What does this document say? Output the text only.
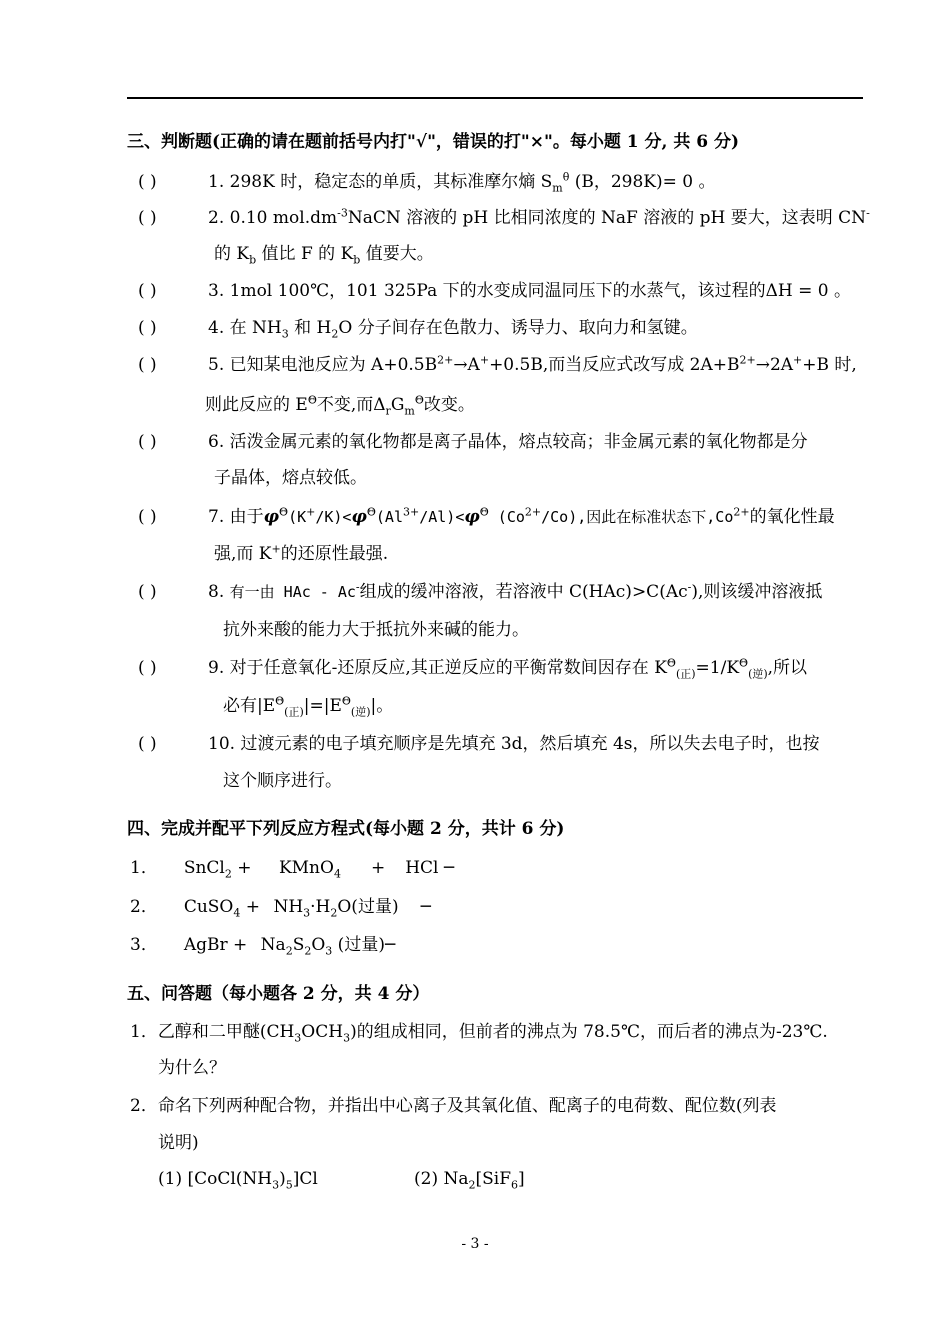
三、判断题(正确的请在题前括号内打"√"，错误的打"×"。每小题 1 分, 共 6 分)
( )	1. 298K 时，稳定态的单质，其标准摩尔熵 $S_m^\theta$ (B，298K)= 0 。
( )	2. 0.10 $mol.dm^{-3}NaCN$ 溶液的 pH 比相同浓度的 NaF 溶液的 pH 要大，这表明 CN-
的 $K_b$ 值比 F 的 $K_b$ 值要大。
( )	3. 1mol 100℃，101 325Pa 下的水变成同温同压下的水蒸气，该过程的ΔH = 0 。
( )	4. 在 $NH_3$ 和 $H_2O$ 分子间存在色散力、诱导力、取向力和氢键。
( )	5. 已知某电池反应为 $A+0.5B^{2+}\to A^++0.5B$,而当反应式改写成 $2A+B^{2+}\to 2A^++B$ 时,
则此反应的 $E^\Theta$不变,而$\Delta_rG_m^\Theta$改变。
( )	6. 活泼金属元素的氧化物都是离子晶体，熔点较高；非金属元素的氧化物都是分
子晶体，熔点较低。
( )	7. 由于$\varphi^\Theta(K^+/K)<\varphi^\Theta(Al^{3+}/Al)<\varphi^\Theta$ $(Co^{2+}/Co)$,因此在标准状态下$,Co^{2+}$的氧化性最
强,而 K+的还原性最强.
( )	8. 有一由 HAc - Ac-组成的缓冲溶液，若溶液中 C(HAc)>C(Ac-),则该缓冲溶液抵
抗外来酸的能力大于抵抗外来碱的能力。
( )	9. 对于任意氧化-还原反应,其正逆反应的平衡常数间因存在 $K^\Theta_{(正)}=1/K^\Theta_{(逆)}$,所以
必有$|E^\Theta_{(正)}|=|E^\Theta_{(逆)}|$。
( )	10. 过渡元素的电子填充顺序是先填充 3d，然后填充 4s，所以失去电子时，也按
这个顺序进行。
四、完成并配平下列反应方程式(每小题 2 分，共计 6 分)
1． SnCl$_2$ + KMnO$_4$ + HCl ─
2． CuSO$_4$ + $NH_3\cdot H_2O$(过量) ─
3． AgBr + $Na_2S_2O_3$ (过量)─
五、问答题（每小题各 2 分，共 4 分）
1．乙醇和二甲醚$(CH_3OCH_3)$的组成相同，但前者的沸点为 78.5℃，而后者的沸点为-23℃.
为什么？
2．命名下列两种配合物，并指出中心离子及其氧化值、配离子的电荷数、配位数(列表
说明)
(1) $[CoCl(NH_3)_5]Cl$	(2) $Na_2[SiF_6]$
- 3 -
